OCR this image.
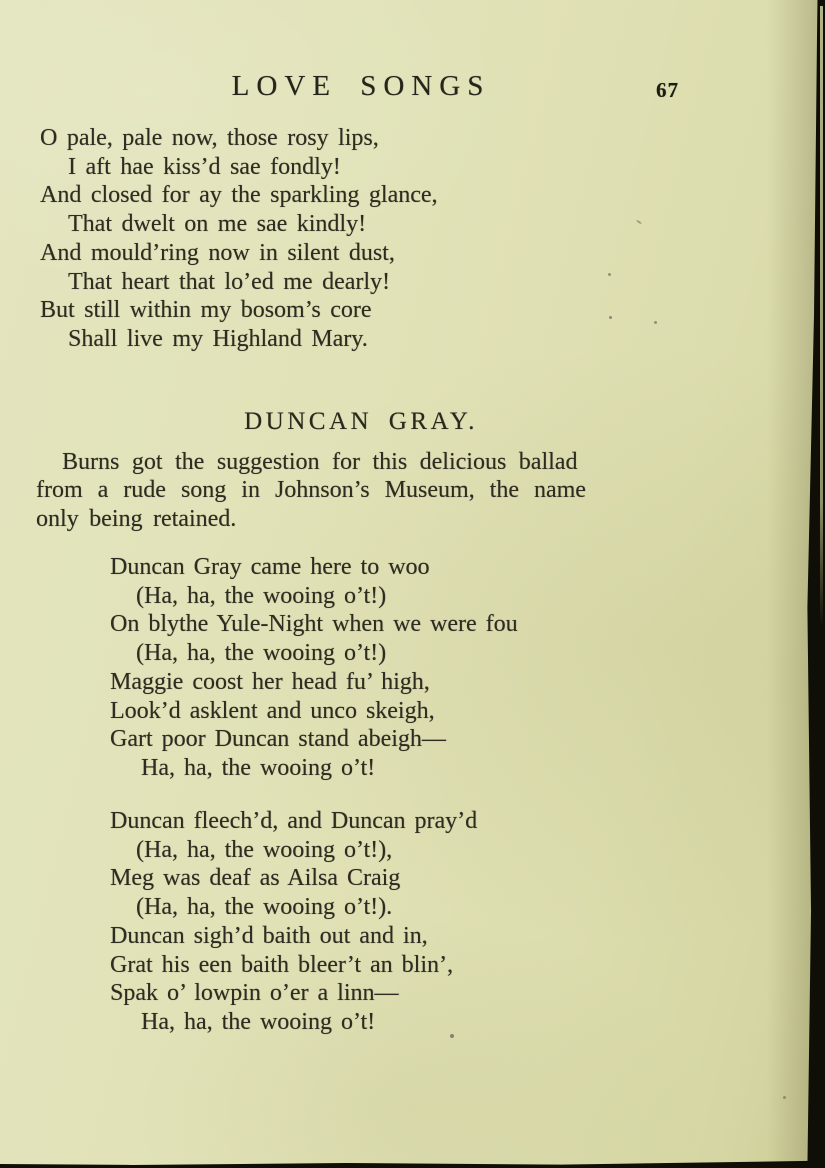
LOVE SONGS	67
O pale, pale now, those rosy lips,
I aft hae kiss’d sae fondly!
And closed for ay the sparkling glance,
That dwelt on me sae kindly!
And mould’ring now in silent dust,
That heart that lo’ed me dearly!
But still within my bosom’s core
Shall live my Highland Mary.
DUNCAN GRAY.
Burns got the suggestion for this delicious ballad
from a rude song in Johnson’s Museum, the name
only being retained.
Duncan Gray came here to woo
(Ha, ha, the wooing o’t!)
On blythe Yule-Night when we were fou
(Ha, ha, the wooing o’t!)
Maggie coost her head fu’ high,
Look’d asklent and unco skeigh,
Gart poor Duncan stand abeigh—
Ha, ha, the wooing o’t!
Duncan fleech’d, and Duncan pray’d
(Ha, ha, the wooing o’t!),
Meg was deaf as Ailsa Craig
(Ha, ha, the wooing o’t!).
Duncan sigh’d baith out and in,
Grat his een baith bleer’t an blin’,
Spak o’ lowpin o’er a linn—
Ha, ha, the wooing o’t!
